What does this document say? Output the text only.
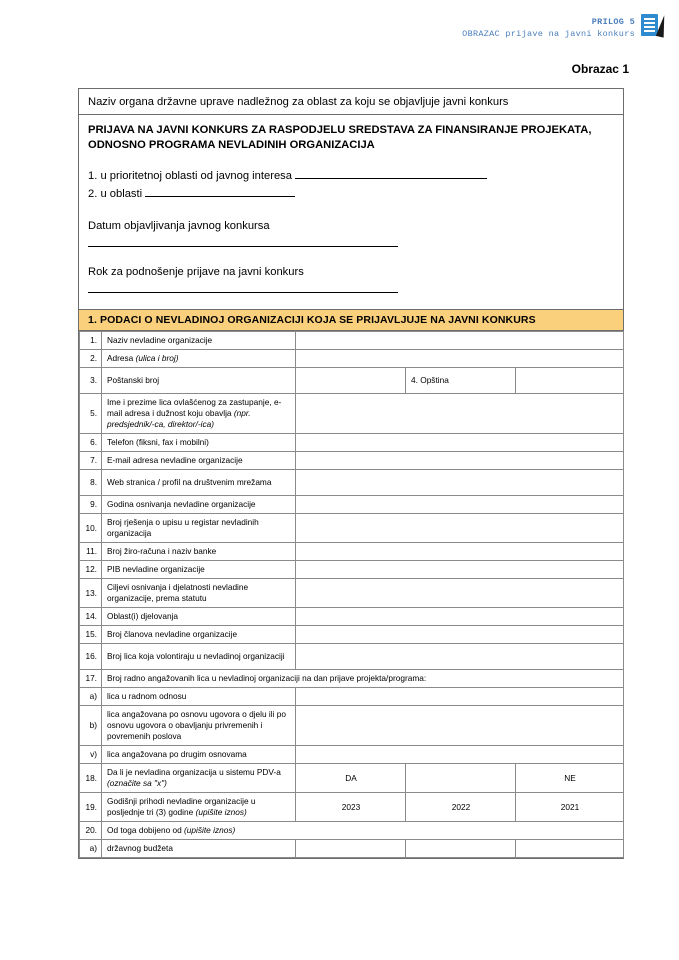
PRILOG 5
OBRAZAC prijave na javni konkurs
Obrazac 1
Naziv organa državne uprave nadležnog za oblast za koju se objavljuje javni konkurs
PRIJAVA NA JAVNI KONKURS ZA RASPODJELU SREDSTAVA ZA FINANSIRANJE PROJEKATA, ODNOSNO PROGRAMA NEVLADINIH ORGANIZACIJA
1. u prioritetnoj oblasti od javnog interesa
2. u oblasti
Datum objavljivanja javnog konkursa
Rok za podnošenje prijave na javni konkurs
1. PODACI O NEVLADINOJ ORGANIZACIJI KOJA SE PRIJAVLJUJE NA JAVNI KONKURS
1.	Naziv nevladine organizacije			
2.	Adresa (ulica i broj)			
3.	Poštanski broj		4. Opština	
5.	Ime i prezime lica ovlašćenog za zastupanje, e-mail adresa i dužnost koju obavlja (npr. predsjednik/-ca, direktor/-ica)			
6.	Telefon (fiksni, fax i mobilni)			
7.	E-mail adresa nevladine organizacije			
8.	Web stranica / profil na društvenim mrežama			
9.	Godina osnivanja nevladine organizacije			
10.	Broj rješenja o upisu u registar nevladinih organizacija			
11.	Broj žiro-računa i naziv banke			
12.	PIB nevladine organizacije			
13.	Ciljevi osnivanja i djelatnosti nevladine organizacije, prema statutu			
14.	Oblast(i) djelovanja			
15.	Broj članova nevladine organizacije			
16.	Broj lica koja volontiraju u nevladinoj organizaciji			
17.	Broj radno angažovanih lica u nevladinoj organizaciji na dan prijave projekta/programa:			
a)	lica u radnom odnosu			
b)	lica angažovana po osnovu ugovora o djelu ili po osnovu ugovora o obavljanju privremenih i povremenih poslova			
v)	lica angažovana po drugim osnovama			
18.	Da li je nevladina organizacija u sistemu PDV-a (označite sa "x")	DA		NE
19.	Godišnji prihodi nevladine organizacije u posljednje tri (3) godine (upišite iznos)	2023	2022	2021
20.	Od toga dobijeno od (upišite iznos)			
a)	državnog budžeta			
